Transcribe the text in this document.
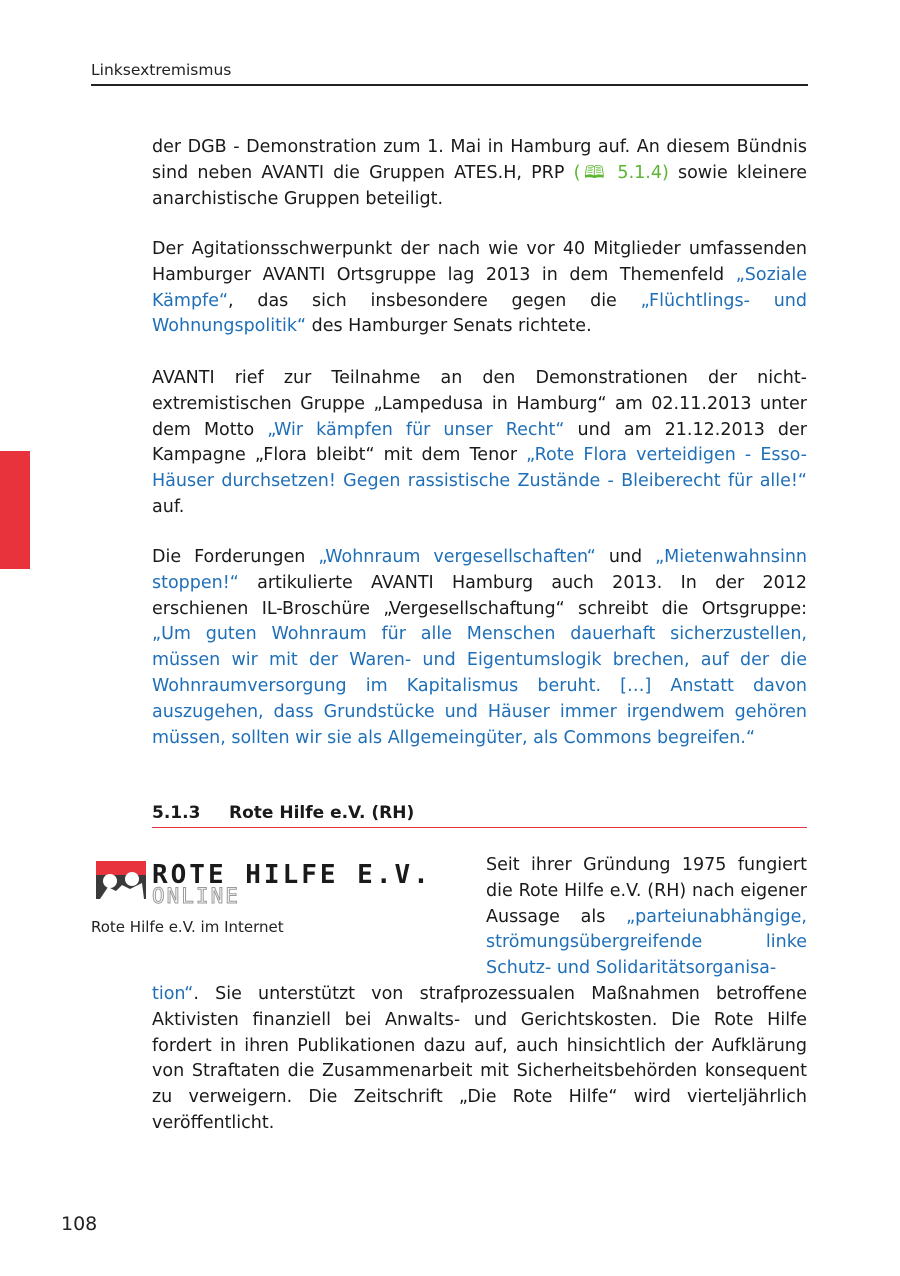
Linksextremismus

der DGB - Demonstration zum 1. Mai in Hamburg auf. An diesem Bündnis sind neben AVANTI die Gruppen ATES.H, PRP (🕮 5.1.4) sowie kleinere anarchistische Gruppen beteiligt.

Der Agitationsschwerpunkt der nach wie vor 40 Mitglieder umfassenden Hamburger AVANTI Ortsgruppe lag 2013 in dem Themenfeld „Soziale Kämpfe“, das sich insbesondere gegen die „Flüchtlings- und Wohnungspolitik“ des Hamburger Senats richtete.

AVANTI rief zur Teilnahme an den Demonstrationen der nicht-extremistischen Gruppe „Lampedusa in Hamburg“ am 02.11.2013 unter dem Motto „Wir kämpfen für unser Recht“ und am 21.12.2013 der Kampagne „Flora bleibt“ mit dem Tenor „Rote Flora verteidigen - Esso-Häuser durchsetzen! Gegen rassistische Zustände - Bleiberecht für alle!“ auf.

Die Forderungen „Wohnraum vergesellschaften“ und „Mietenwahnsinn stoppen!“ artikulierte AVANTI Hamburg auch 2013. In der 2012 erschienen IL-Broschüre „Vergesellschaftung“ schreibt die Ortsgruppe: „Um guten Wohnraum für alle Menschen dauerhaft sicherzustellen, müssen wir mit der Waren- und Eigentumslogik brechen, auf der die Wohnraumversorgung im Kapitalismus beruht. […] Anstatt davon auszugehen, dass Grundstücke und Häuser immer irgendwem gehören müssen, sollten wir sie als Allgemeingüter, als Commons begreifen.“

5.1.3 Rote Hilfe e.V. (RH)
ROTE HILFE E.V.
ONLINE
Rote Hilfe e.V. im Internet
Seit ihrer Gründung 1975 fungiert die Rote Hilfe e.V. (RH) nach eigener Aussage als „parteiunabhängige, strömungsübergreifende linke Schutz- und Solidaritätsorganisa-

tion“. Sie unterstützt von strafprozessualen Maßnahmen betroffene Aktivisten finanziell bei Anwalts- und Gerichtskosten. Die Rote Hilfe fordert in ihren Publikationen dazu auf, auch hinsichtlich der Aufklärung von Straftaten die Zusammenarbeit mit Sicherheitsbehörden konsequent zu verweigern. Die Zeitschrift „Die Rote Hilfe“ wird vierteljährlich veröffentlicht.

108
